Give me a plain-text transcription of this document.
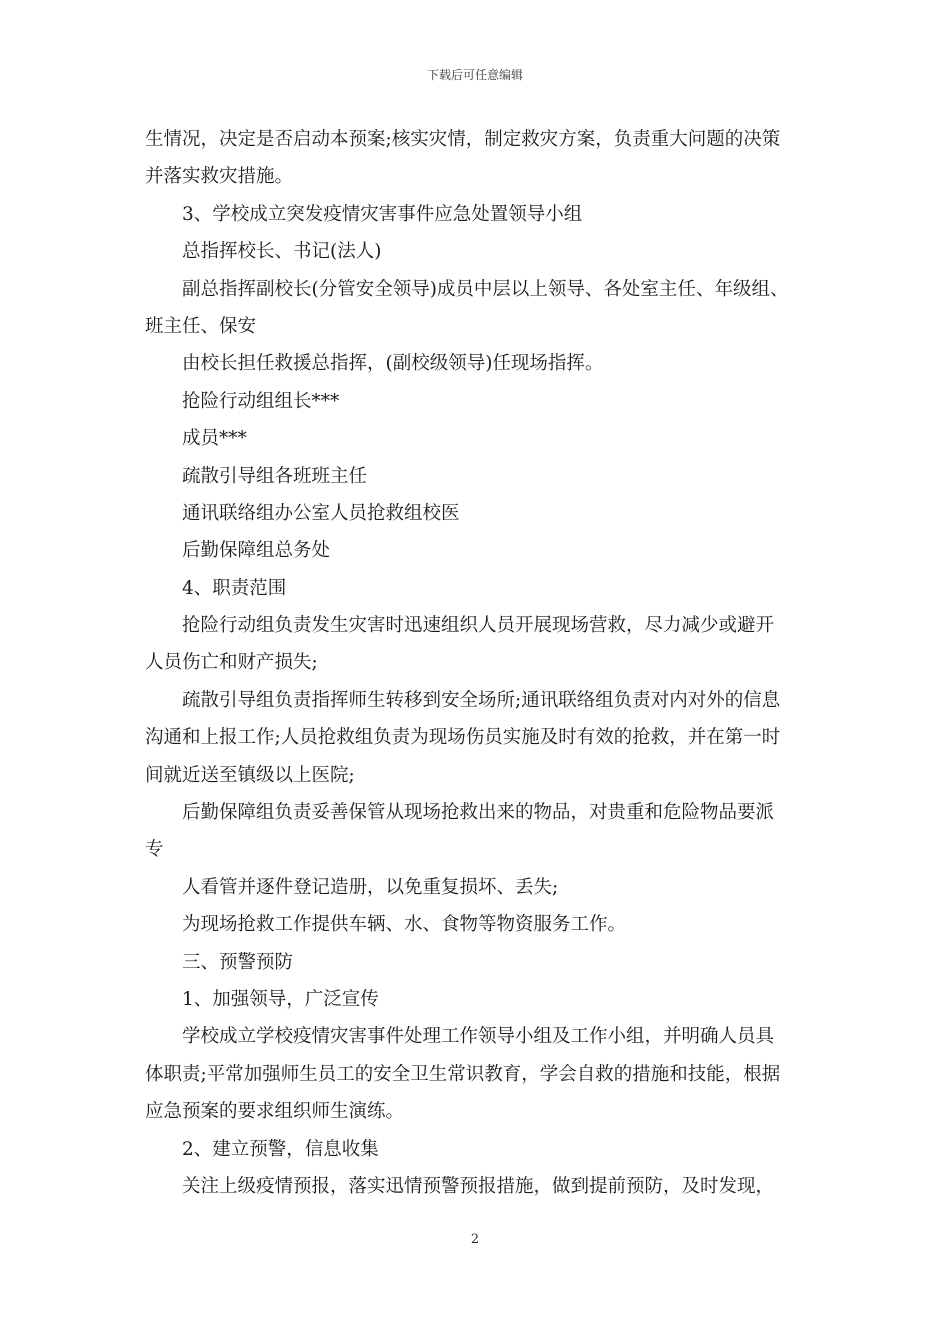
下载后可任意编辑
生情况，决定是否启动本预案;核实灾情，制定救灾方案，负责重大问题的决策
并落实救灾措施。
3、学校成立突发疫情灾害事件应急处置领导小组
总指挥校长、书记(法人)
副总指挥副校长(分管安全领导)成员中层以上领导、各处室主任、年级组、
班主任、保安
由校长担任救援总指挥，(副校级领导)任现场指挥。
抢险行动组组长***
成员***
疏散引导组各班班主任
通讯联络组办公室人员抢救组校医
后勤保障组总务处
4、职责范围
抢险行动组负责发生灾害时迅速组织人员开展现场营救，尽力减少或避开
人员伤亡和财产损失;
疏散引导组负责指挥师生转移到安全场所;通讯联络组负责对内对外的信息
沟通和上报工作;人员抢救组负责为现场伤员实施及时有效的抢救，并在第一时
间就近送至镇级以上医院;
后勤保障组负责妥善保管从现场抢救出来的物品，对贵重和危险物品要派
专
人看管并逐件登记造册，以免重复损坏、丢失;
为现场抢救工作提供车辆、水、食物等物资服务工作。
三、预警预防
1、加强领导，广泛宣传
学校成立学校疫情灾害事件处理工作领导小组及工作小组，并明确人员具
体职责;平常加强师生员工的安全卫生常识教育，学会自救的措施和技能，根据
应急预案的要求组织师生演练。
2、建立预警，信息收集
关注上级疫情预报，落实迅情预警预报措施，做到提前预防，及时发现，
2
